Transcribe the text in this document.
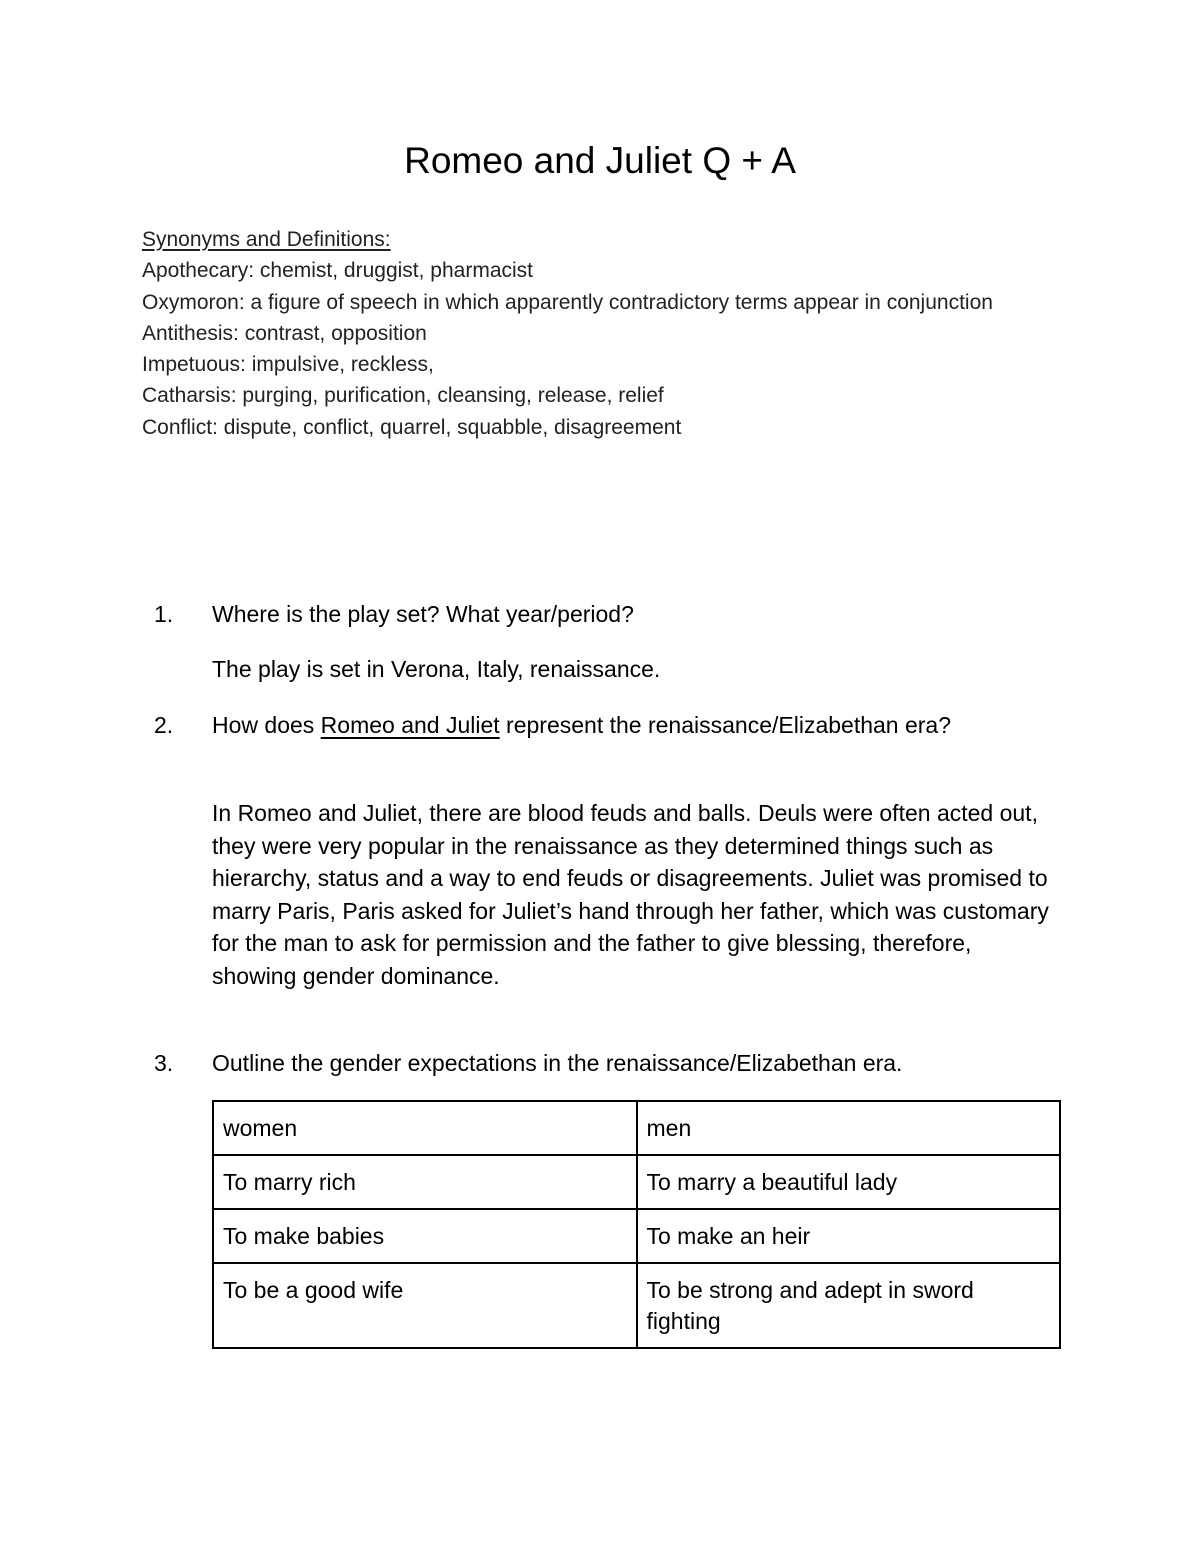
Romeo and Juliet Q + A
Synonyms and Definitions:
Apothecary: chemist, druggist, pharmacist
Oxymoron: a figure of speech in which apparently contradictory terms appear in conjunction
Antithesis: contrast, opposition
Impetuous: impulsive, reckless,
Catharsis: purging, purification, cleansing, release, relief
Conflict: dispute, conflict, quarrel, squabble, disagreement
1.	Where is the play set? What year/period?
The play is set in Verona, Italy, renaissance.
2.	How does Romeo and Juliet represent the renaissance/Elizabethan era?
In Romeo and Juliet, there are blood feuds and balls. Deuls were often acted out, they were very popular in the renaissance as they determined things such as hierarchy, status and a way to end feuds or disagreements. Juliet was promised to marry Paris, Paris asked for Juliet’s hand through her father, which was customary for the man to ask for permission and the father to give blessing, therefore, showing gender dominance.
3.	Outline the gender expectations in the renaissance/Elizabethan era.
women	men
To marry rich	To marry a beautiful lady
To make babies	To make an heir
To be a good wife	To be strong and adept in sword fighting
